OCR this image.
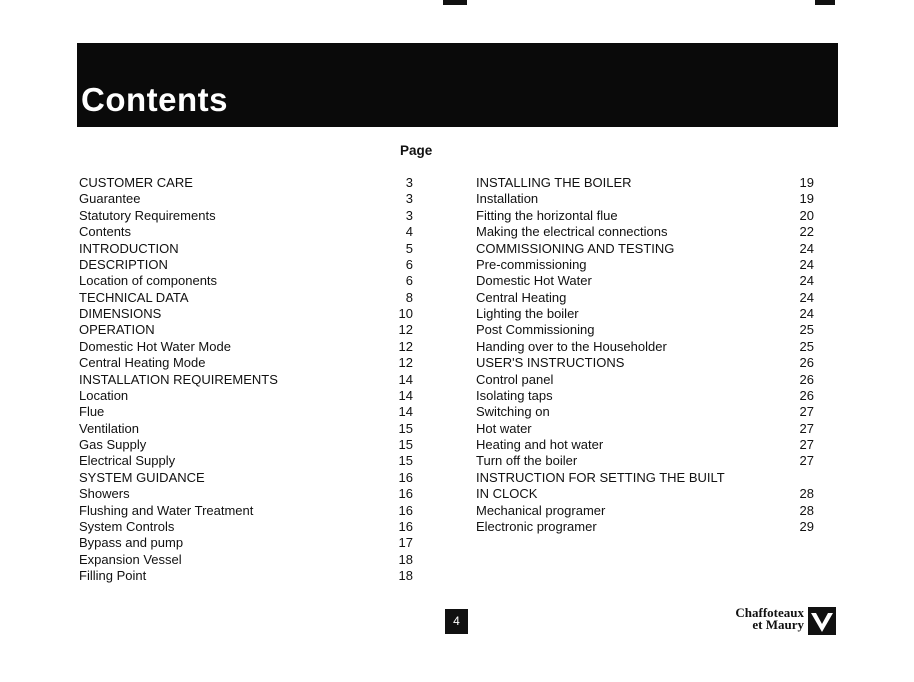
Contents
Page
CUSTOMER CARE	3
Guarantee	3
Statutory Requirements	3
Contents	4
INTRODUCTION	5
DESCRIPTION	6
Location of components	6
TECHNICAL DATA	8
DIMENSIONS	10
OPERATION	12
Domestic Hot Water Mode	12
Central Heating Mode	12
INSTALLATION REQUIREMENTS	14
Location	14
Flue	14
Ventilation	15
Gas Supply	15
Electrical Supply	15
SYSTEM GUIDANCE	16
Showers	16
Flushing and Water Treatment	16
System Controls	16
Bypass and pump	17
Expansion Vessel	18
Filling Point	18
INSTALLING THE BOILER	19
Installation	19
Fitting the horizontal flue	20
Making the electrical connections	22
COMMISSIONING AND TESTING	24
Pre-commissioning	24
Domestic Hot Water	24
Central Heating	24
Lighting the boiler	24
Post Commissioning	25
Handing over to the Householder	25
USER'S INSTRUCTIONS	26
Control panel	26
Isolating taps	26
Switching on	27
Hot water	27
Heating and hot water	27
Turn off the boiler	27
INSTRUCTION FOR SETTING THE BUILT
IN CLOCK	28
Mechanical programer	28
Electronic programer	29
4
Chaffoteaux
et Maury
